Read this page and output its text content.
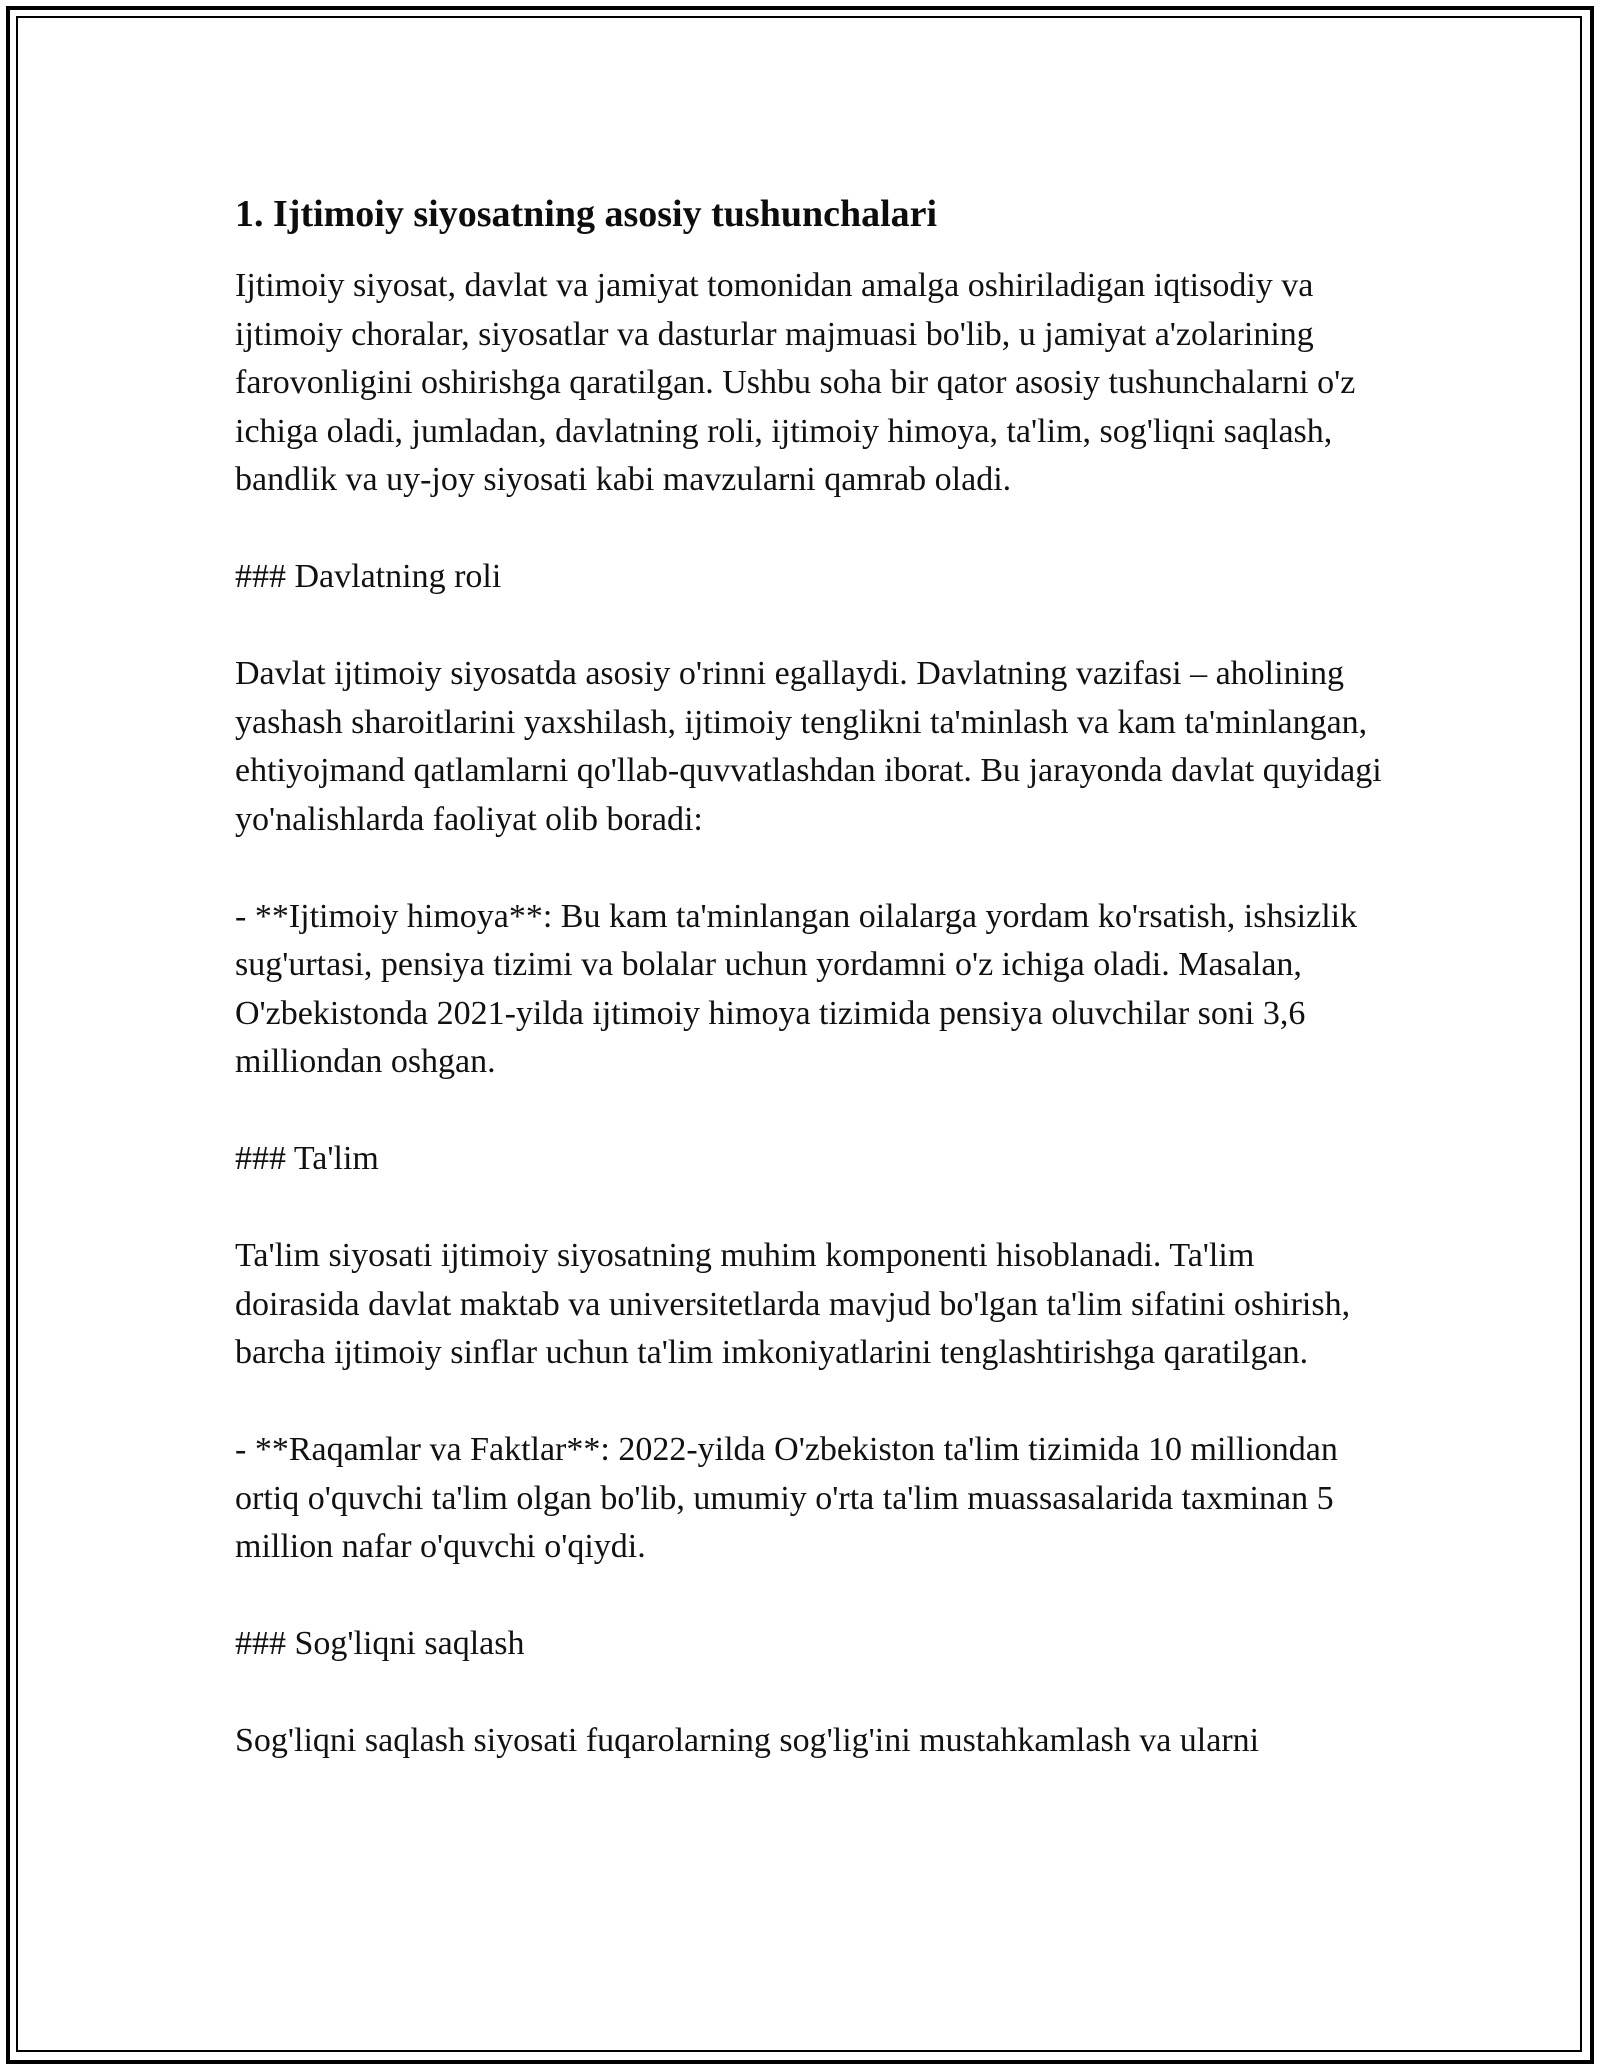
1. Ijtimoiy siyosatning asosiy tushunchalari

Ijtimoiy siyosat, davlat va jamiyat tomonidan amalga oshiriladigan iqtisodiy va ijtimoiy choralar, siyosatlar va dasturlar majmuasi bo'lib, u jamiyat a'zolarining farovonligini oshirishga qaratilgan. Ushbu soha bir qator asosiy tushunchalarni o'z ichiga oladi, jumladan, davlatning roli, ijtimoiy himoya, ta'lim, sog'liqni saqlash, bandlik va uy-joy siyosati kabi mavzularni qamrab oladi.

### Davlatning roli

Davlat ijtimoiy siyosatda asosiy o'rinni egallaydi. Davlatning vazifasi – aholining yashash sharoitlarini yaxshilash, ijtimoiy tenglikni ta'minlash va kam ta'minlangan, ehtiyojmand qatlamlarni qo'llab-quvvatlashdan iborat. Bu jarayonda davlat quyidagi yo'nalishlarda faoliyat olib boradi:

- **Ijtimoiy himoya**: Bu kam ta'minlangan oilalarga yordam ko'rsatish, ishsizlik sug'urtasi, pensiya tizimi va bolalar uchun yordamni o'z ichiga oladi. Masalan, O'zbekistonda 2021-yilda ijtimoiy himoya tizimida pensiya oluvchilar soni 3,6 milliondan oshgan.

### Ta'lim

Ta'lim siyosati ijtimoiy siyosatning muhim komponenti hisoblanadi. Ta'lim doirasida davlat maktab va universitetlarda mavjud bo'lgan ta'lim sifatini oshirish, barcha ijtimoiy sinflar uchun ta'lim imkoniyatlarini tenglashtirishga qaratilgan.

- **Raqamlar va Faktlar**: 2022-yilda O'zbekiston ta'lim tizimida 10 milliondan ortiq o'quvchi ta'lim olgan bo'lib, umumiy o'rta ta'lim muassasalarida taxminan 5 million nafar o'quvchi o'qiydi.

### Sog'liqni saqlash

Sog'liqni saqlash siyosati fuqarolarning sog'lig'ini mustahkamlash va ularni
